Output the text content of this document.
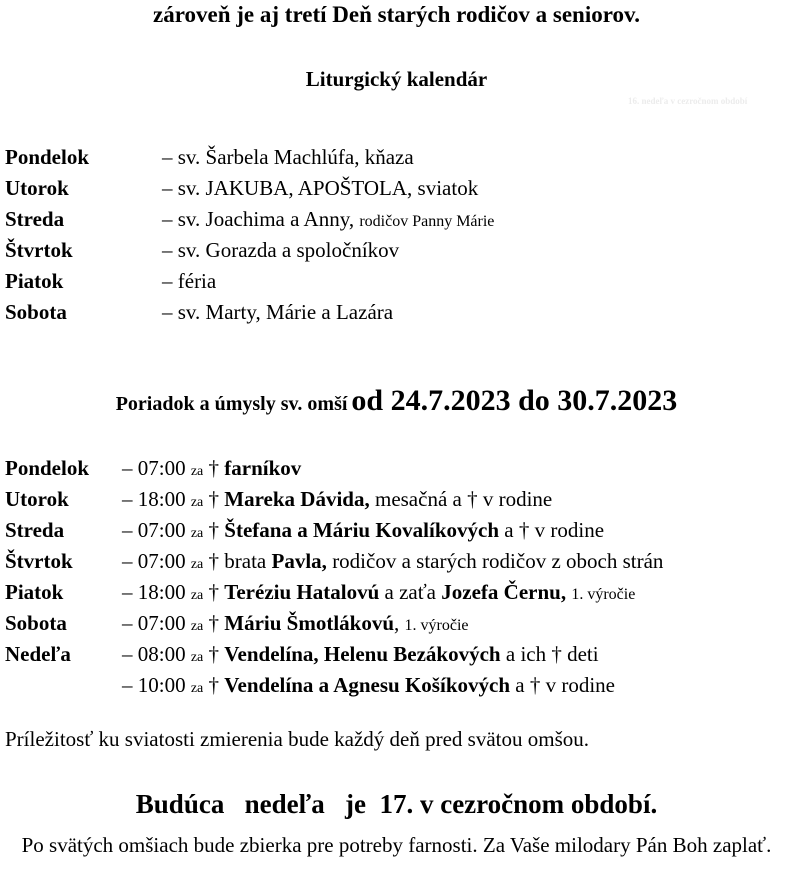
zároveň je aj tretí Deň starých rodičov a seniorov.
Liturgický kalendár
16. nedeľa v cezročnom období
Pondelok	– sv. Šarbela Machlúfa, kňaza
Utorok	– sv. JAKUBA, APOŠTOLA, sviatok
Streda	– sv. Joachima a Anny, rodičov Panny Márie
Štvrtok	– sv. Gorazda a spoločníkov
Piatok	– féria
Sobota	– sv. Marty, Márie a Lazára
Poriadok a úmysly sv. omší od 24.7.2023 do 30.7.2023
Pondelok – 07:00 za † farníkov
Utorok	– 18:00 za † Mareka Dávida, mesačná a † v rodine
Streda	– 07:00 za † Štefana a Máriu Kovalíkových a † v rodine
Štvrtok – 07:00 za † brata Pavla, rodičov a starých rodičov z oboch strán
Piatok	– 18:00 za † Teréziu Hatalovú a zaťa Jozefa Černu, 1. výročie
Sobota	– 07:00 za † Máriu Šmotlákovú, 1. výročie
Nedeľa – 08:00 za † Vendelína, Helenu Bezákových a ich † deti
– 10:00 za † Vendelína a Agnesu Košíkových a † v rodine
Príležitosť ku sviatosti zmierenia bude každý deň pred svätou omšou.
Budúca   nedeľa   je  17. v cezročnom období.
Po svätých omšiach bude zbierka pre potreby farnosti. Za Vaše milodary Pán Boh zaplať.
